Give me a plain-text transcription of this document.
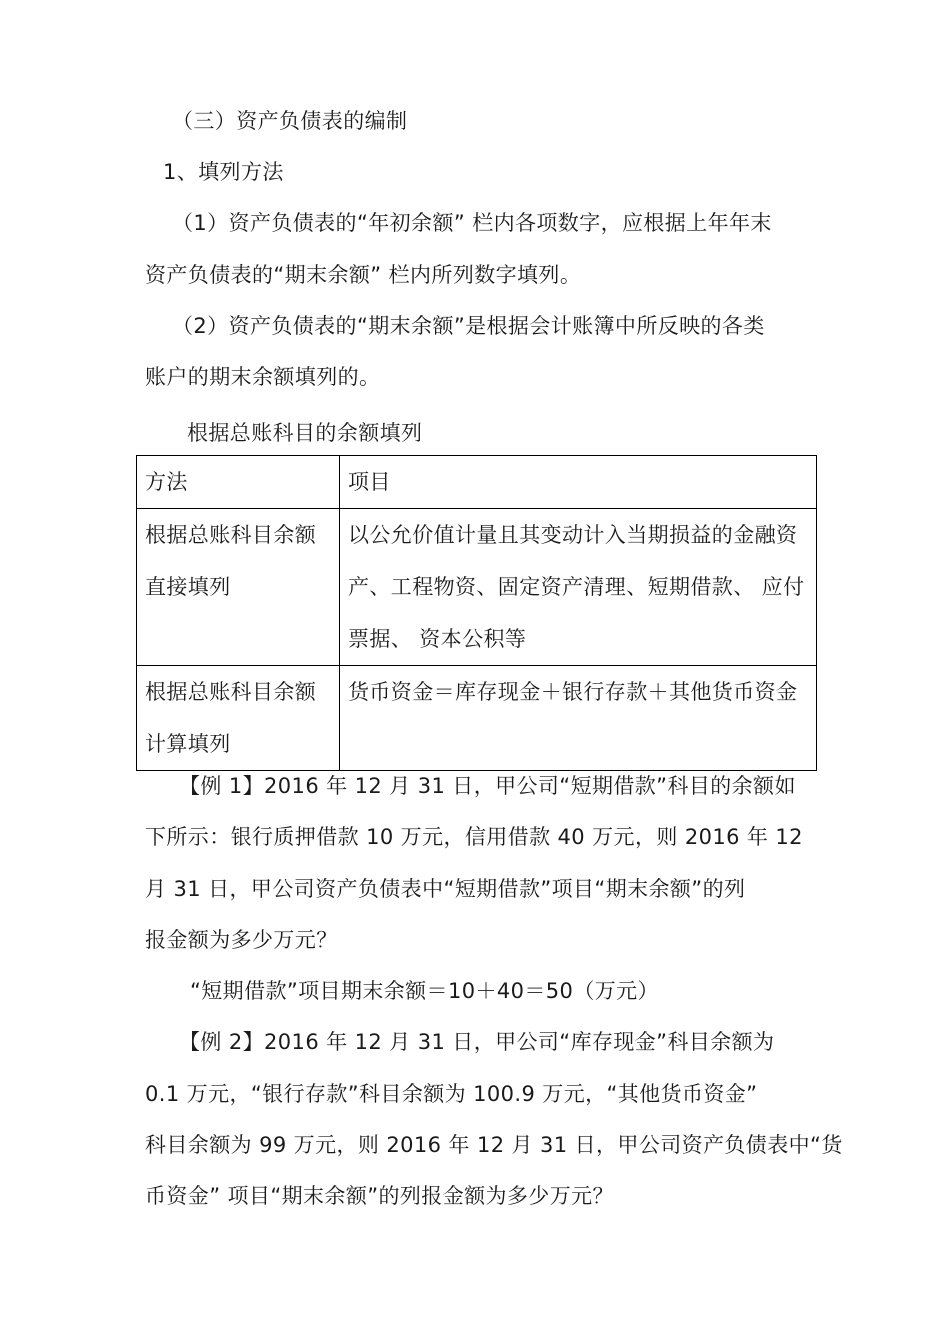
（三）资产负债表的编制

1、填列方法

（1）资产负债表的“年初余额” 栏内各项数字，应根据上年年末

资产负债表的“期末余额” 栏内所列数字填列。

（2）资产负债表的“期末余额”是根据会计账簿中所反映的各类

账户的期末余额填列的。

根据总账科目的余额填列

方法	项目
根据总账科目余额直接填列	以公允价值计量且其变动计入当期损益的金融资产、工程物资、固定资产清理、短期借款、 应付票据、 资本公积等
根据总账科目余额计算填列	货币资金＝库存现金＋银行存款＋其他货币资金

【例 1】2016 年 12 月 31 日，甲公司“短期借款”科目的余额如

下所示：银行质押借款 10 万元，信用借款 40 万元，则 2016 年 12

月 31 日，甲公司资产负债表中“短期借款”项目“期末余额”的列

报金额为多少万元？

“短期借款”项目期末余额＝10＋40＝50（万元）

【例 2】2016 年 12 月 31 日，甲公司“库存现金”科目余额为

0.1 万元，“银行存款”科目余额为 100.9 万元，“其他货币资金”

科目余额为 99 万元，则 2016 年 12 月 31 日，甲公司资产负债表中“货

币资金” 项目“期末余额”的列报金额为多少万元？
